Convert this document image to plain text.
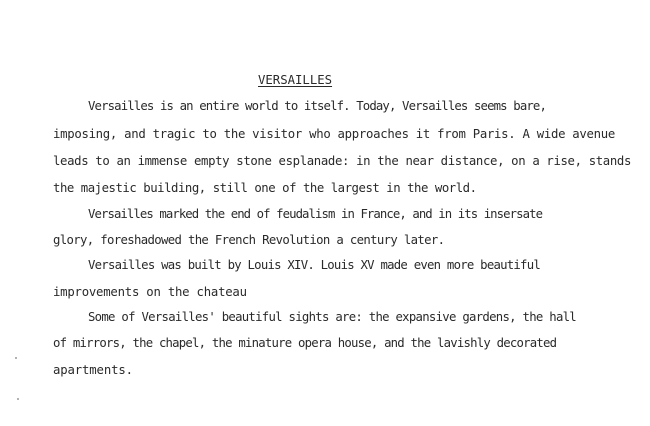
VERSAILLES
Versailles is an entire world to itself. Today, Versailles seems bare,
imposing, and tragic to the visitor who approaches it from Paris. A wide avenue
leads to an immense empty stone esplanade: in the near distance, on a rise, stands
the majestic building, still one of the largest in the world.
Versailles marked the end of feudalism in France, and in its insersate
glory, foreshadowed the French Revolution a century later.
Versailles was built by Louis XIV. Louis XV made even more beautiful
improvements on the chateau
Some of Versailles' beautiful sights are: the expansive gardens, the hall
of mirrors, the chapel, the minature opera house, and the lavishly decorated
apartments.
